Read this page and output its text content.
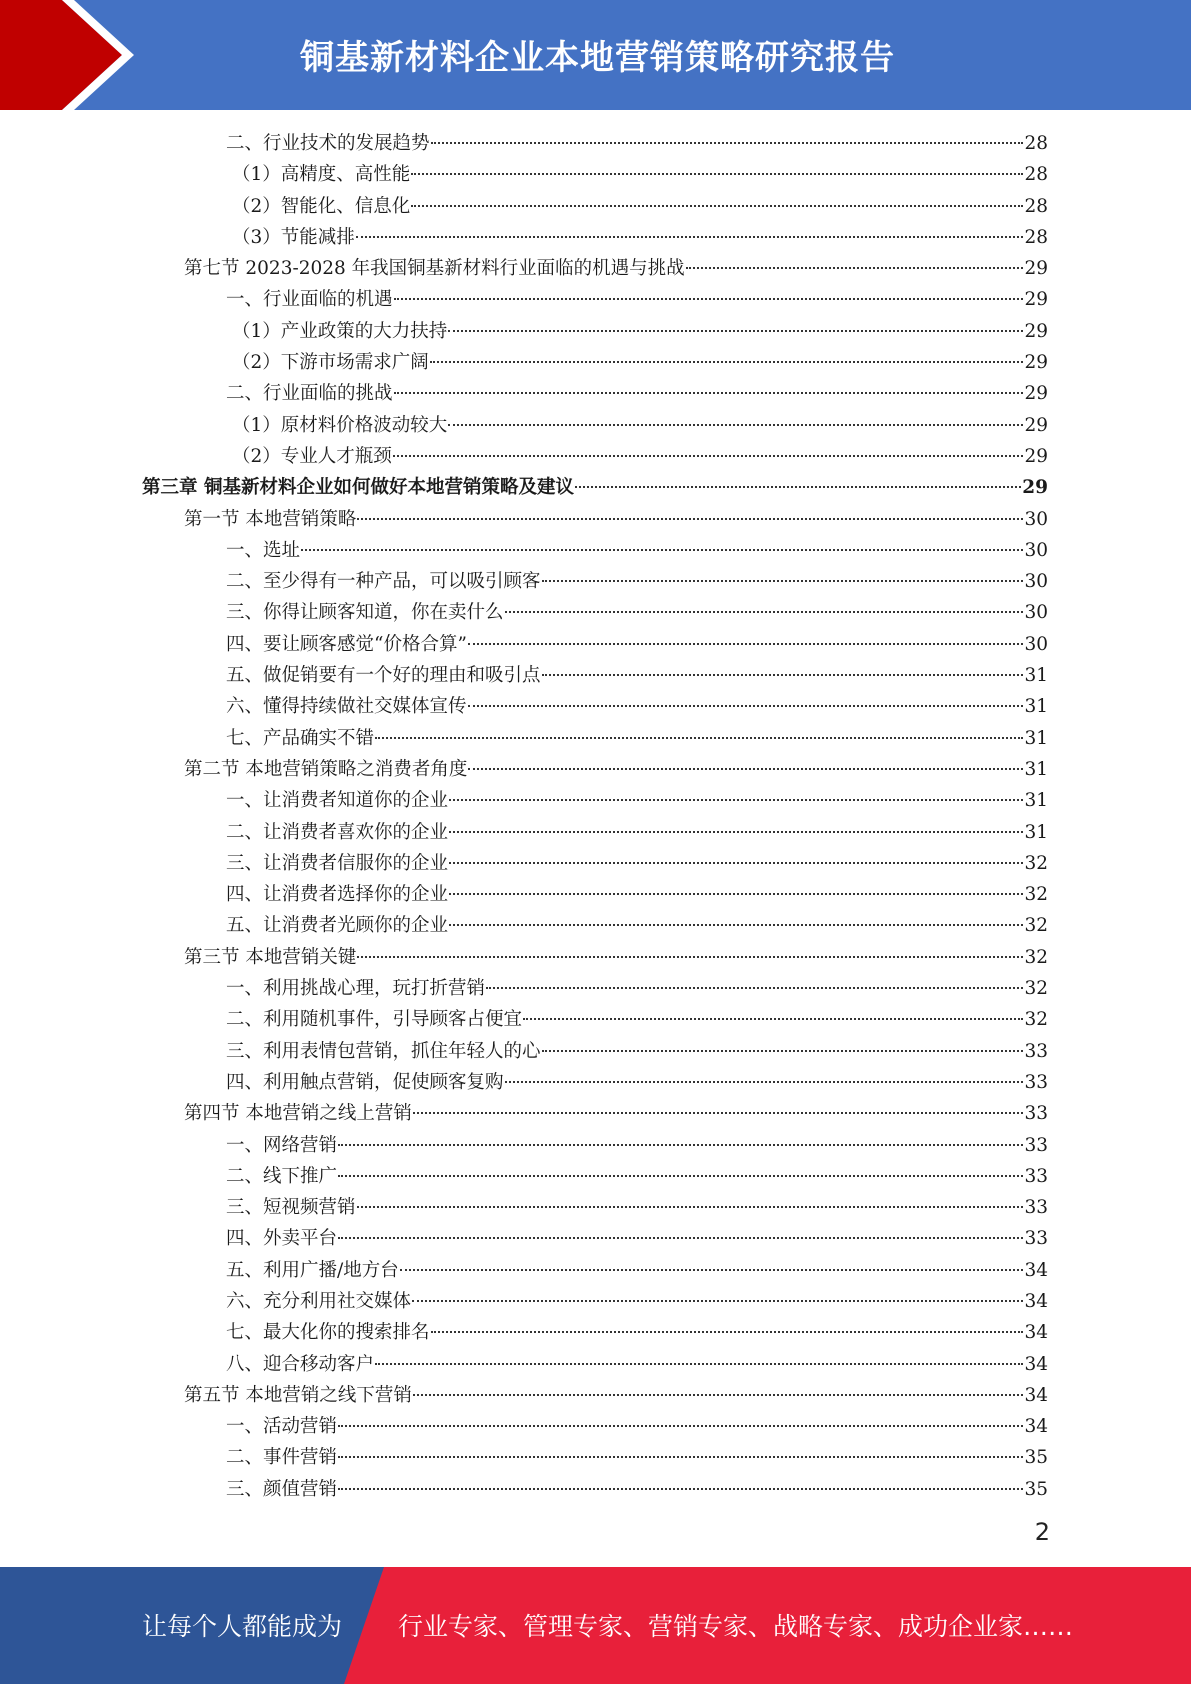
铜基新材料企业本地营销策略研究报告
二、行业技术的发展趋势	28
（1）高精度、高性能	28
（2）智能化、信息化	28
（3）节能减排	28
第七节 2023-2028 年我国铜基新材料行业面临的机遇与挑战	29
一、行业面临的机遇	29
（1）产业政策的大力扶持	29
（2）下游市场需求广阔	29
二、行业面临的挑战	29
（1）原材料价格波动较大	29
（2）专业人才瓶颈	29
第三章 铜基新材料企业如何做好本地营销策略及建议	29
第一节 本地营销策略	30
一、选址	30
二、至少得有一种产品，可以吸引顾客	30
三、你得让顾客知道，你在卖什么	30
四、要让顾客感觉“价格合算”	30
五、做促销要有一个好的理由和吸引点	31
六、懂得持续做社交媒体宣传	31
七、产品确实不错	31
第二节 本地营销策略之消费者角度	31
一、让消费者知道你的企业	31
二、让消费者喜欢你的企业	31
三、让消费者信服你的企业	32
四、让消费者选择你的企业	32
五、让消费者光顾你的企业	32
第三节 本地营销关键	32
一、利用挑战心理，玩打折营销	32
二、利用随机事件，引导顾客占便宜	32
三、利用表情包营销，抓住年轻人的心	33
四、利用触点营销，促使顾客复购	33
第四节 本地营销之线上营销	33
一、网络营销	33
二、线下推广	33
三、短视频营销	33
四、外卖平台	33
五、利用广播/地方台	34
六、充分利用社交媒体	34
七、最大化你的搜索排名	34
八、迎合移动客户	34
第五节 本地营销之线下营销	34
一、活动营销	34
二、事件营销	35
三、颜值营销	35
2
让每个人都能成为 行业专家、管理专家、营销专家、战略专家、成功企业家……
